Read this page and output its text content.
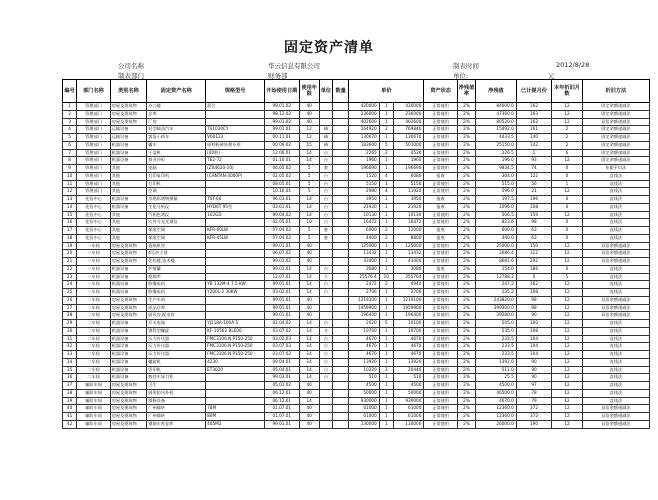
固定资产清单
公司名称	华云信息有限公司	制表时间	2012/8/28
制表部门	财务部	单位:	元
编号	部门名称	类别名称	固定资产名称	规格型号	开始使用日期	使用年限	单位	数量	单价			资产状态	净残值率	净残值	已计提月份	本年折旧月数	折旧方法
1	管理部门	房屋及建筑物	办公楼	混合	99.01.02	40			420000	1	420000	正常使用	2%	84000.0	162	12	固定余额递减法
2	管理部门	房屋及建筑物	仓库		98.12.02	40			236000	1	236000	正常使用	2%	47360.0	163	12	固定余额递减法
3	管理部门	房屋及建筑物	厂房		99.01.02	40			402600	1	402600	正常使用	2%	80520.0	162	12	双倍余额递减法
4	管理部门	运输设备	轻型载货汽车	TS1030CY	99.01.01	12	辆		164920	2	769840	正常使用	2%	15492.0	161	2	固定余额递减法
5	管理部门	运输设备	客货小轿车	V60123	00.11.01	12	辆		130670	1	130670	正常使用	2%	4433.5	140	2	固定余额递减法
6	管理部门	机器设备	罐车	原料粉碎处理专用	00.09.02	15	辆		183600	5	501000	正常使用	2%	25150.0	142	2	固定余额递减法
7	管理部门	机器设备	干湿机	(40秒)	12.06.01	14	台		2265	2	4530	正常使用	2%	226.5	1	6	固定余额递减法
8	管理部门	机器设备	商业冷柜	TE2-72	01.10.01	14	台		1960	1	1960	正常使用	2%	196.0	93	12	固定余额递减法
9	管理部门	其他	电脑	(ZX4620-10)	06.05.02	5	套		196690	1	196690	正常使用	2%	9834.5	74	0	年限平均法
10	管理部门	其他	打印复印机	(CANTAN-3000P)	02.05.02	5	台		1520	4	6080	报废	2%	304.0	122	0	直线法
11	管理部门	其他	打印机		08.05.01	5	台		5150	1	5150	正常使用	2%	515.0	56	1	直线法
12	管理部门	其他	空调		10.10.01	5	台		2980	4	11920	正常使用	2%	596.0	21	12	直线法
13	化验中心	机器设备	水热彩谱物测量	TST-60	96.03.01	14	台		3950	1	3950	报废	2%	197.5	196	0	直线法
14	化验中心	机器设备	生化分析仪	HYD6T 95型	03.01.01	14	台		21920	1	21920	报废	2%	1096.0	108	0	直线法
15	化验中心	其他	气相色谱仪	102GD	99.04.02	14	台		10130	1	10130	正常使用	2%	506.5	159	12	直线法
16	化验中心	其他	实外分光光谱仪		02.05.01	10	台		16472	1	16472	正常使用	2%	823.6	98	0	直线法
17	化验中心	其他	保浆空调	KFR-60LW	07.04.02	5	套		6000	2	12000	报废	2%	600.0	63	0	直线法
18	化验中心	其他	保浆空调	KFR-45LW	07.04.02	5	套		4400	2	8800	报废	2%	440.0	63	0	直线法
19	一车间	房屋及建筑物	造纸机房		99.01.01	40			125000	1	125000	正常使用	2%	25000.0	150	12	双倍余额递减法
20	一车间	房屋及建筑物	4号炉主建		06.07.02	40			13432	1	13432	正常使用	2%	2686.4	312	12	双倍余额递减法
21	一车间	房屋及建筑物	化验楼,技术楼		99.01.02	40			43400	1	43400	正常使用	2%	8681.6	292	12	双倍余额递减法
22	一车间	机器设备	护射罐		99.01.01	14	台		3080	1	3080	报废	2%	154.0	186	0	直线法
23	一车间	机器设备	稳频率		12.07.01	14	个		25576.4	10	255764	正常使用	2%	12788.2	0	5	直线法
24	一车间	机器设备	防爆电机	YB 132M-4 7.5 KW	99.01.01	14	台		2472	2	4944	正常使用	2%	247.2	162	12	直线法
25	一车间	机器设备	防爆电机	Y200L-2 30KW	03.02.01	14	台		2706	1	2706	正常使用	2%	135.2	108	12	直线法
26	二车间	房屋及建筑物	生产车间		99.01.01	40			1219100	1	1219100	正常使用	2%	243820.0	98	12	双倍余额递减法
27	二车间	房屋及建筑物	成品仓库		99.01.01	40			1959900	1	1959900	正常使用	2%	399300.0	98	12	双倍余额递减法
28	二车间	房屋及建筑物	鼓风房,配电房		99.01.01	40			196400	1	196400	正常使用	2%	39280.0	90	12	双倍余额递减法
29	二车间	机器设备	开关电箱	YJ118A-100A-5	02.04.02	14	台		2020	5	10100	正常使用	2%	505.0	100	12	直线法
30	二车间	机器设备	钢管型螺旋	KF-10562 BLE00	03.07.02	14	支		10700	1	10700	正常使用	2%	535.0	108	12	直线法
31	二车间	机器设备	压力传送器	FMC3106.N.P150-250	03.02.03	14	台		4670	1	4670	正常使用	2%	233.5	104	12	直线法
32	二车间	机器设备	压力传送器	FMC3106.N.P150-250	03.07.03	14	台		4670	1	4670	正常使用	2%	233.5	104	12	直线法
33	二车间	机器设备	压力传送器	FMC3106.N.P150-250	03.07.02	14	台		4670	1	4670	正常使用	2%	233.5	104	12	直线法
34	二车间	机器设备	螺旋机	4230	09.04.01	14	台		13920	1	13920	正常使用	2%	1392.0	90	12	直线法
35	二车间	机器设备	管印机	ET3020	05.04.01	14	台		10220	2	20440	正常使用	2%	511.0	90	12	直线法
36	二车间	机器设备	数控车床刀柜		99.03.01	14	台		510	1	510	正常使用	2%	25.5	90	12	直线法
37	辅助车间	房屋及建筑物	卫生		05.01.02	40			4500	1	4500	正常使用	2%	4500.0	97	12	直线法
38	辅助车间	房屋及建筑物	厕所防风扑机		06.12.01	40			50000	1	50000	正常使用	2%	46500.0	78	12	直线法
39	辅助车间	房屋及建筑物	维修设备		06.12.01	14			930000	1	930000	正常使用	2%	4670.0	79	12	直线法
40	辅助车间	房屋及建筑物	广州输转	78M	01.07.01	40			61000	1	61000	正常使用	2%	12360.0	372	12	双倍余额递减法
41	辅助车间	房屋及建筑物	广州输转	80M	01.07.01	40			61000	1	61000	正常使用	2%	12360.0	372	12	双倍余额递减法
42	辅助车间	房屋及建筑物	钢筋车库仓库	405M2	99.01.01	40			130000	1	130000	正常使用	2%	26000.0	190	12	双倍余额递减法
